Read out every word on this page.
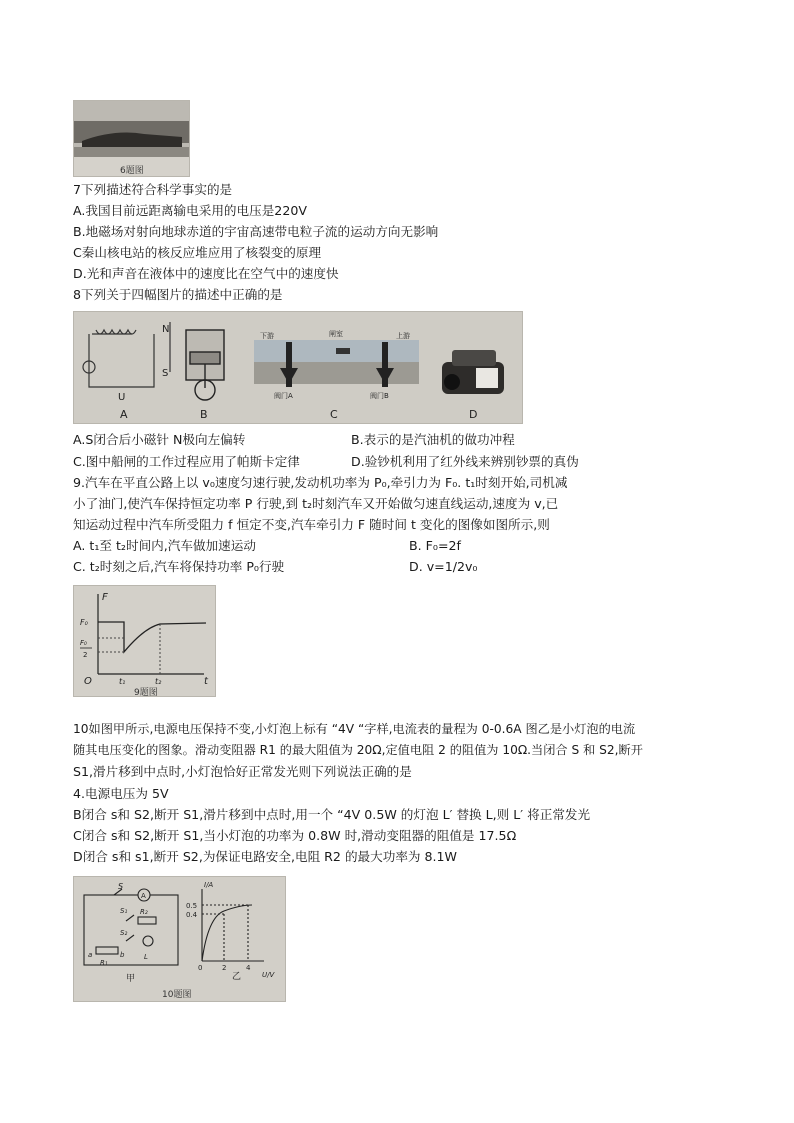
6题图
7下列描述符合科学事实的是
A.我国目前远距离输电采用的电压是220V
B.地磁场对射向地球赤道的宇宙高速带电粒子流的运动方向无影响
C秦山核电站的核反应堆应用了核裂变的原理
D.光和声音在液体中的速度比在空气中的速度快
8下列关于四幅图片的描述中正确的是
N
S
U
A	B
下游	闸室	上游
阀门A	阀门B
C	D
A.S闭合后小磁针 N极向左偏转	B.表示的是汽油机的做功冲程
C.图中船闸的工作过程应用了帕斯卡定律	D.验钞机利用了红外线来辨别钞票的真伪
9.汽车在平直公路上以 v₀速度匀速行驶,发动机功率为 P₀,牵引力为 F₀. t₁时刻开始,司机减
小了油门,使汽车保持恒定功率 P 行驶,到 t₂时刻汽车又开始做匀速直线运动,速度为 v,已
知运动过程中汽车所受阻力 f 恒定不变,汽车牵引力 F 随时间 t 变化的图像如图所示,则
A. t₁至 t₂时间内,汽车做加速运动	B. F₀=2f
C. t₂时刻之后,汽车将保持功率 P₀行驶	D. v=1/2v₀
F
t
O
F₀
F₀
2
t₁	t₂
9题图
10如图甲所示,电源电压保持不变,小灯泡上标有 “4V “字样,电流表的量程为 0-0.6A 图乙是小灯泡的电流
随其电压变化的图象。滑动变阻器 R1 的最大阻值为 20Ω,定值电阻 2 的阻值为 10Ω.当闭合 S 和 S2,断开
S1,滑片移到中点时,小灯泡恰好正常发光则下列说法正确的是
4.电源电压为 5V
B闭合 s和 S2,断开 S1,滑片移到中点时,用一个 “4V 0.5W 的灯泡 L′ 替换 L,则 L′ 将正常发光
C闭合 s和 S2,断开 S1,当小灯泡的功率为 0.8W 时,滑动变阻器的阻值是 17.5Ω
D闭合 s和 s1,断开 S2,为保证电路安全,电阻 R2 的最大功率为 8.1W
S
A
S₁ R₂
S₂
L
R₁
a	b
甲
I/A
0.5
0.4
0	2	4
U/V
乙
10题图
